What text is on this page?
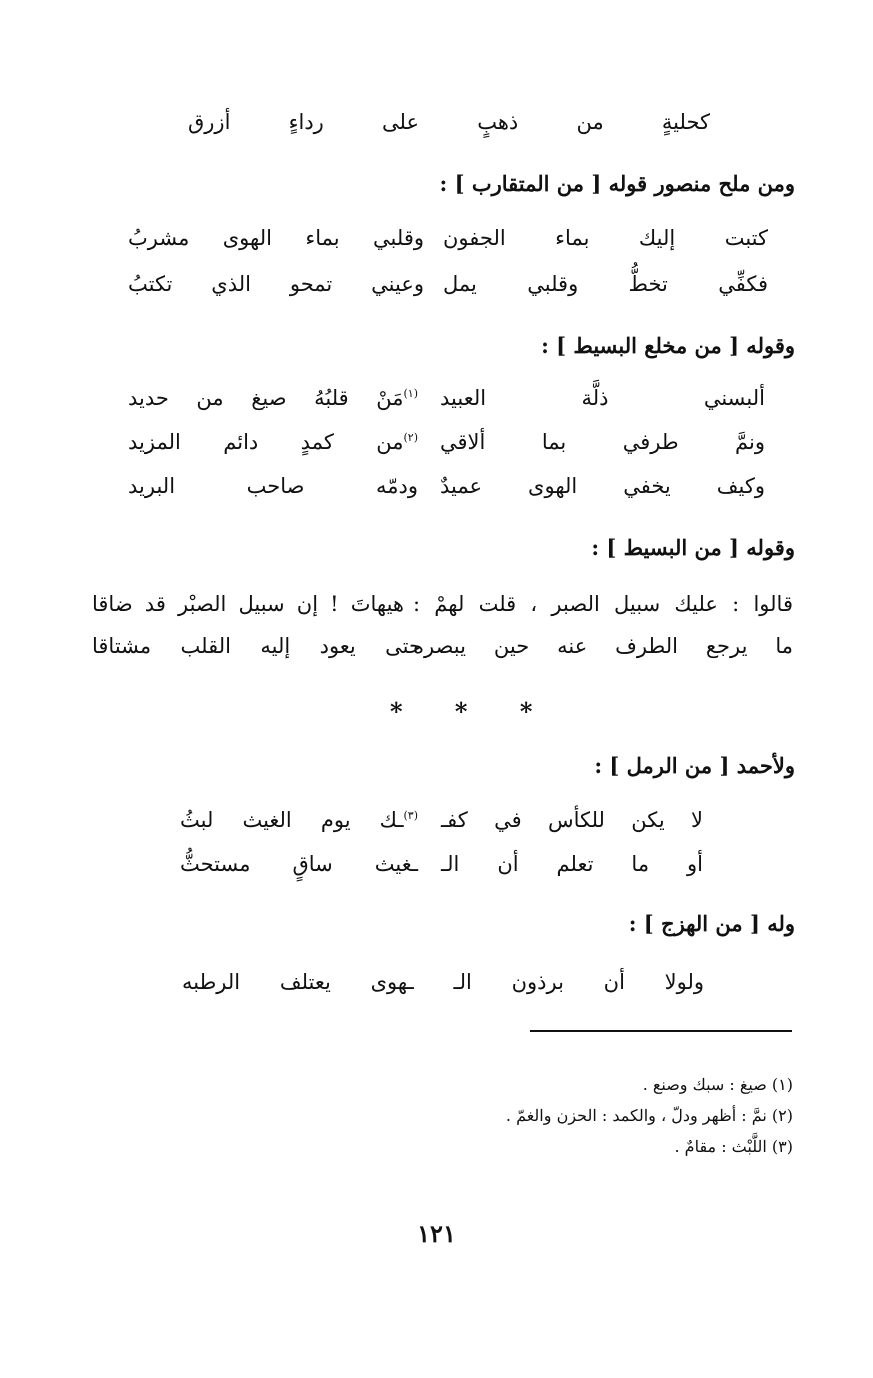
كحليةٍ من ذهبٍ على رداءٍ أزرق
ومن ملح منصور قوله [ من المتقارب ] :
كتبت إليك بماء الجفون
وقلبي بماء الهوى مشربُ
فكفِّي تخطُّ وقلبي يمل
وعيني تمحو الذي تكتبُ
وقوله [ من مخلع البسيط ] :
ألبسني ذلَّة العبيد
$^{(١)}$مَنْ قلبُهُ صيغ من حديد
ونمَّ طرفي بما ألاقي
$^{(٢)}$من كمدٍ دائم المزيد
وكيف يخفي الهوى عميدٌ
ودمّه صاحب البريد
وقوله [ من البسيط ] :
قالوا : عليك سبيل الصبر ، قلت لهمْ :
هيهاتَ ! إن سبيل الصبْر قد ضاقا
ما يرجع الطرف عنه حين يبصره
حتى يعود إليه القلب مشتاقا
* * *
ولأحمد [ من الرمل ] :
لا يكن للكأس في كفـ
$^{(٣)}$ـك يوم الغيث لبثُ
أو ما تعلم أن الـ
ـغيث ساقٍ مستحثُّ
وله [ من الهزج ] :
ولولا أن برذون الـ ـهوى يعتلف الرطبه
(١) صيغ : سبك وصنع .
(٢) نمَّ : أظهر ودلّ ، والكمد : الحزن والغمّ .
(٣) اللَّبْث : مقامٌ .
١٢١
